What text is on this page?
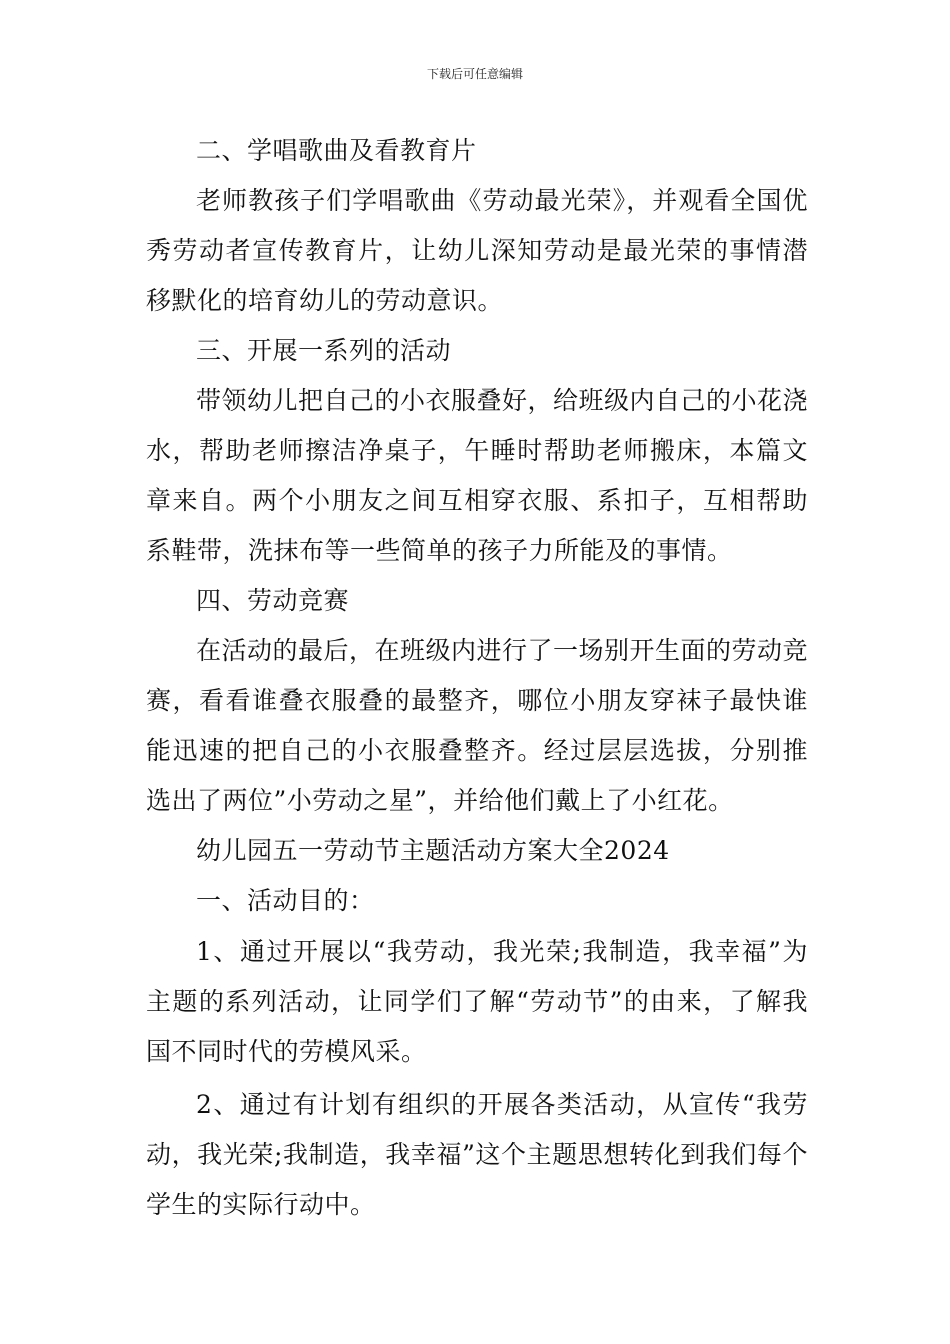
下载后可任意编辑

二、学唱歌曲及看教育片

老师教孩子们学唱歌曲《劳动最光荣》，并观看全国优秀劳动者宣传教育片，让幼儿深知劳动是最光荣的事情潜移默化的培育幼儿的劳动意识。

三、开展一系列的活动

带领幼儿把自己的小衣服叠好，给班级内自己的小花浇水，帮助老师擦洁净桌子，午睡时帮助老师搬床，本篇文章来自。两个小朋友之间互相穿衣服、系扣子，互相帮助系鞋带，洗抹布等一些简单的孩子力所能及的事情。

四、劳动竞赛

在活动的最后，在班级内进行了一场别开生面的劳动竞赛，看看谁叠衣服叠的最整齐，哪位小朋友穿袜子最快谁能迅速的把自己的小衣服叠整齐。经过层层选拔，分别推选出了两位”小劳动之星”，并给他们戴上了小红花。

幼儿园五一劳动节主题活动方案大全2024

一、活动目的：

1、通过开展以“我劳动，我光荣;我制造，我幸福”为主题的系列活动，让同学们了解“劳动节”的由来，了解我国不同时代的劳模风采。

2、通过有计划有组织的开展各类活动，从宣传“我劳动，我光荣;我制造，我幸福”这个主题思想转化到我们每个学生的实际行动中。
